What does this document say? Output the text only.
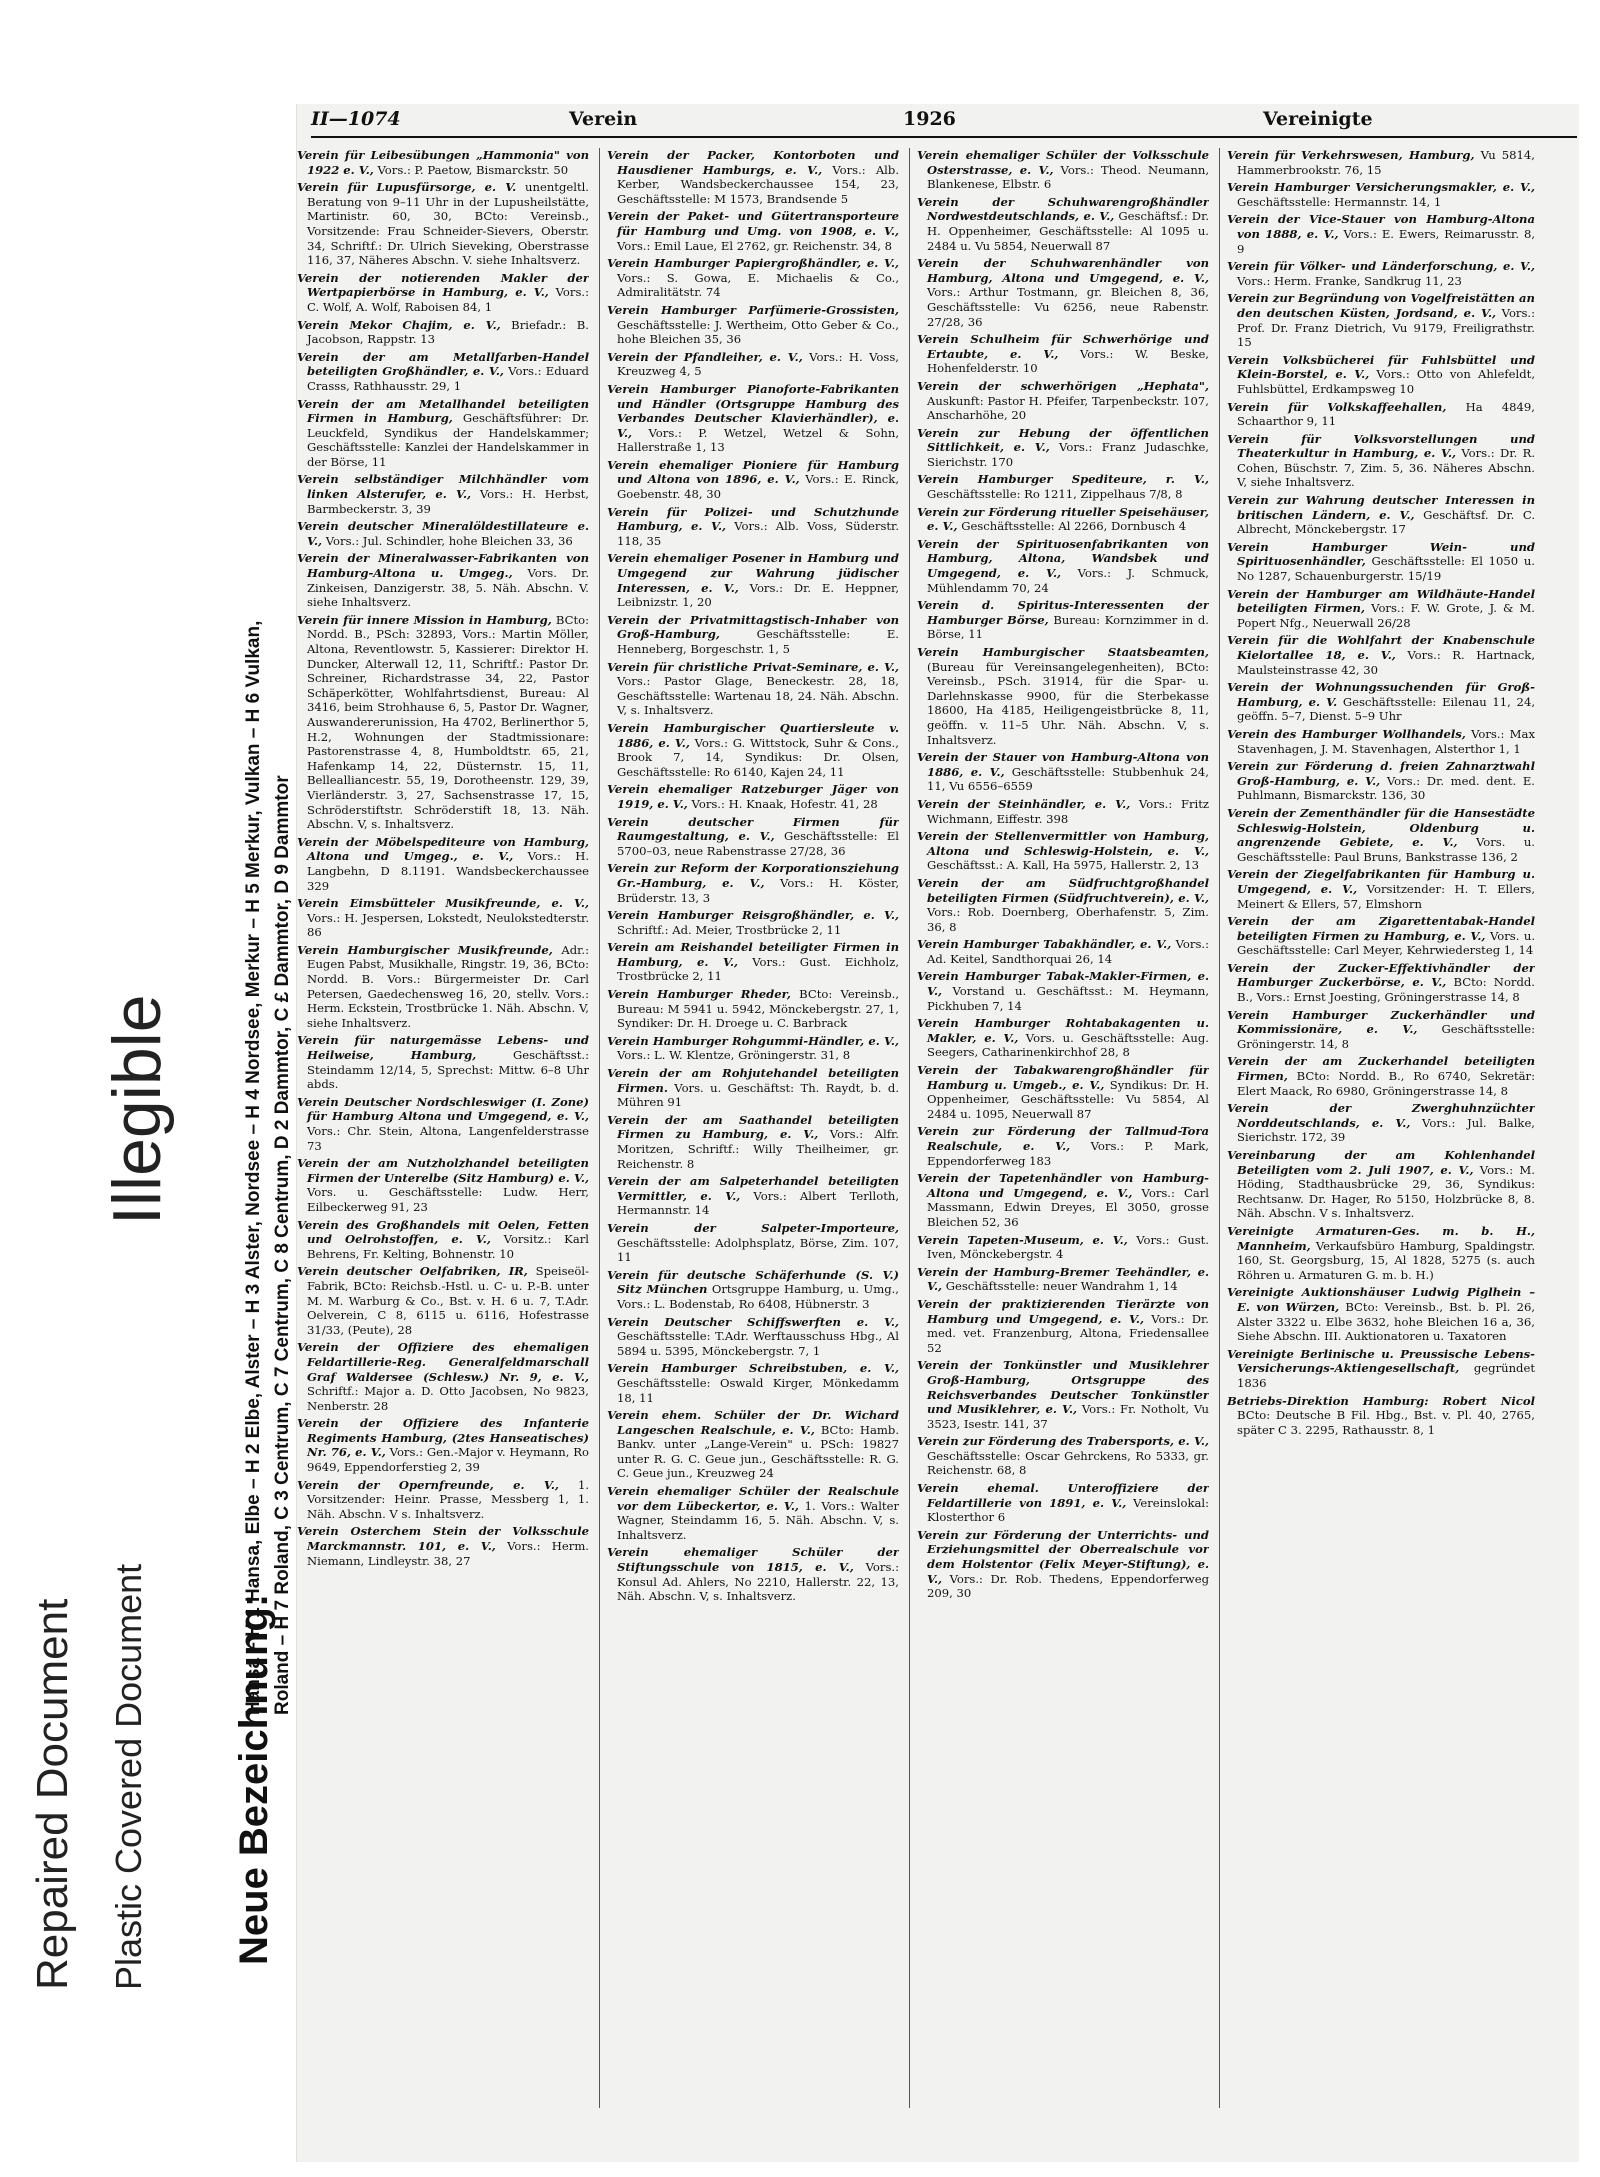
Repaired Document Plastic Covered Document
Illegible
Neue Bezeichnung:
Hansa – H 1 Hansa, Elbe – H 2 Elbe, Alster – H 3 Alster, Nordsee – H 4 Nordsee, Merkur – H 5 Merkur, Vulkan – H 6 Vulkan, Roland – H 7 Roland, C 3 Centrum, C 7 Centrum, C 8 Centrum, D 2 Dammtor, C £ Dammtor, D 9 Dammtor
II—1074	Verein	1926	Vereinigte

Verein für Leibesübungen „Hammonia" von 1922 e. V., Vors.: P. Paetow, Bismarckstr. 50

Verein für Lupusfürsorge, e. V. unentgeltl. Beratung von 9–11 Uhr in der Lupusheilstätte, Martinistr. 60, 30, BCto: Vereinsb., Vorsitzende: Frau Schneider-Sievers, Oberstr. 34, Schriftf.: Dr. Ulrich Sieveking, Oberstrasse 116, 37, Näheres Abschn. V. siehe Inhaltsverz.

Verein der notierenden Makler der Wertpapierbörse in Hamburg, e. V., Vors.: C. Wolf, A. Wolf, Raboisen 84, 1

Verein Mekor Chajim, e. V., Briefadr.: B. Jacobson, Rappstr. 13

Verein der am Metallfarben-Handel beteiligten Großhändler, e. V., Vors.: Eduard Crasss, Rathhausstr. 29, 1

Verein der am Metallhandel beteiligten Firmen in Hamburg, Geschäftsführer: Dr. Leuckfeld, Syndikus der Handelskammer; Geschäftsstelle: Kanzlei der Handelskammer in der Börse, 11

Verein selbständiger Milchhändler vom linken Alsterufer, e. V., Vors.: H. Herbst, Barmbeckerstr. 3, 39

Verein deutscher Mineralöldestillateure e. V., Vors.: Jul. Schindler, hohe Bleichen 33, 36

Verein der Mineralwasser-Fabrikanten von Hamburg-Altona u. Umgeg., Vors. Dr. Zinkeisen, Danzigerstr. 38, 5. Näh. Abschn. V. siehe Inhaltsverz.

Verein für innere Mission in Hamburg, BCto: Nordd. B., PSch: 32893, Vors.: Martin Möller, Altona, Reventlowstr. 5, Kassierer: Direktor H. Duncker, Alterwall 12, 11, Schriftf.: Pastor Dr. Schreiner, Richardstrasse 34, 22, Pastor Schäperkötter, Wohlfahrtsdienst, Bureau: Al 3416, beim Strohhause 6, 5, Pastor Dr. Wagner, Auswandererunission, Ha 4702, Berlinerthor 5, H.2, Wohnungen der Stadtmissionare: Pastorenstrasse 4, 8, Humboldtstr. 65, 21, Hafenkamp 14, 22, Düsternstr. 15, 11, Bellealliancestr. 55, 19, Dorotheenstr. 129, 39, Vierländerstr. 3, 27, Sachsenstrasse 17, 15, Schröderstiftstr. Schröderstift 18, 13. Näh. Abschn. V, s. Inhaltsverz.

Verein der Möbelspediteure von Hamburg, Altona und Umgeg., e. V., Vors.: H. Langbehn, D 8.1191. Wandsbeckerchaussee 329

Verein Eimsbütteler Musikfreunde, e. V., Vors.: H. Jespersen, Lokstedt, Neulokstedterstr. 86

Verein Hamburgischer Musikfreunde, Adr.: Eugen Pabst, Musikhalle, Ringstr. 19, 36, BCto: Nordd. B. Vors.: Bürgermeister Dr. Carl Petersen, Gaedechensweg 16, 20, stellv. Vors.: Herm. Eckstein, Trostbrücke 1. Näh. Abschn. V, siehe Inhaltsverz.

Verein für naturgemässe Lebens- und Heilweise, Hamburg,	Geschäftsst.: Steindamm 12/14, 5, Sprechst: Mittw. 6–8 Uhr abds.

Verein Deutscher Nordschleswiger (I. Zone) für Hamburg Altona und Umgegend, e. V., Vors.: Chr. Stein, Altona, Langenfelderstrasse 73

Verein der am Nutzholzhandel beteiligten Firmen der Unterelbe (Sitz Hamburg) e. V., Vors. u. Geschäftsstelle: Ludw. Herr, Eilbeckerweg 91, 23

Verein des Großhandels mit Oelen, Fetten und Oelrohstoffen, e. V., Vorsitz.: Karl Behrens, Fr. Kelting, Bohnenstr. 10

Verein deutscher Oelfabriken, IR, Speiseöl-Fabrik, BCto: Reichsb.-Hstl. u. C- u. P.-B. unter M. M. Warburg & Co., Bst. v. H. 6 u. 7, T.Adr. Oelverein, C 8, 6115 u. 6116, Hofestrasse 31/33, (Peute), 28

Verein der Offiziere des ehemaligen Feldartillerie-Reg. Generalfeldmarschall Graf Waldersee (Schlesw.) Nr. 9, e. V., Schriftf.: Major a. D. Otto Jacobsen, No 9823, Nenberstr. 28

Verein der Offiziere des Infanterie Regiments Hamburg, (2tes Hanseatisches) Nr. 76, e. V., Vors.: Gen.-Major v. Heymann, Ro 9649, Eppendorferstieg 2, 39

Verein der Opernfreunde, e. V., 1. Vorsitzender: Heinr. Prasse, Messberg 1, 1. Näh. Abschn. V s. Inhaltsverz.

Verein Osterchem Stein der Volksschule Marckmannstr. 101, e. V., Vors.: Herm. Niemann, Lindleystr. 38, 27

Verein der Packer, Kontorboten und Hausdiener Hamburgs, e. V., Vors.: Alb. Kerber, Wandsbeckerchaussee 154, 23, Geschäftsstelle: M 1573, Brandsende 5

Verein der Paket- und Gütertransporteure für Hamburg und Umg. von 1908, e. V., Vors.: Emil Laue, El 2762, gr. Reichenstr. 34, 8

Verein Hamburger Papiergroßhändler, e. V., Vors.: S. Gowa, E. Michaelis & Co., Admiralitätstr. 74

Verein Hamburger Parfümerie-Grossisten, Geschäftsstelle: J. Wertheim, Otto Geber & Co., hohe Bleichen 35, 36

Verein der Pfandleiher, e. V., Vors.: H. Voss, Kreuzweg 4, 5

Verein Hamburger Pianoforte-Fabrikanten und Händler (Ortsgruppe Hamburg des Verbandes Deutscher Klavierhändler), e. V., Vors.: P. Wetzel, Wetzel & Sohn, Hallerstraße 1, 13

Verein ehemaliger Pioniere für Hamburg und Altona von 1896, e. V., Vors.: E. Rinck, Goebenstr. 48, 30

Verein für Polizei- und Schutzhunde Hamburg, e. V., Vors.: Alb. Voss, Süderstr. 118, 35

Verein ehemaliger Posener in Hamburg und Umgegend zur Wahrung jüdischer Interessen, e. V., Vors.: Dr. E. Heppner, Leibnizstr. 1, 20

Verein der Privatmittagstisch-Inhaber von Groß-Hamburg,	Geschäftsstelle: E. Henneberg, Borgeschstr. 1, 5

Verein für christliche Privat-Seminare, e. V., Vors.: Pastor Glage, Beneckestr. 28, 18, Geschäftsstelle: Wartenau 18, 24. Näh. Abschn. V, s. Inhaltsverz.

Verein Hamburgischer Quartiersleute v. 1886, e. V., Vors.: G. Wittstock, Suhr & Cons., Brook 7, 14, Syndikus: Dr. Olsen, Geschäftsstelle: Ro 6140, Kajen 24, 11

Verein ehemaliger Ratzeburger Jäger von 1919, e. V., Vors.: H. Knaak, Hofestr. 41, 28

Verein deutscher Firmen für Raumgestaltung, e. V., Geschäftsstelle: El 5700–03, neue Rabenstrasse 27/28, 36

Verein zur Reform der Korporationsziehung Gr.-Hamburg, e. V., Vors.: H. Köster, Brüderstr. 13, 3

Verein Hamburger Reisgroßhändler, e. V., Schriftf.: Ad. Meier, Trostbrücke 2, 11

Verein am Reishandel beteiligter Firmen in Hamburg, e. V., Vors.: Gust. Eichholz, Trostbrücke 2, 11

Verein Hamburger Rheder, BCto: Vereinsb., Bureau: M 5941 u. 5942, Mönckebergstr. 27, 1, Syndiker: Dr. H. Droege u. C. Barbrack

Verein Hamburger Rohgummi-Händler, e. V., Vors.: L. W. Klentze, Gröningerstr. 31, 8

Verein der am Rohjutehandel beteiligten Firmen. Vors. u. Geschäftst: Th. Raydt, b. d. Mühren 91

Verein der am Saathandel beteiligten Firmen zu Hamburg, e. V., Vors.: Alfr. Moritzen, Schriftf.: Willy Theilheimer, gr. Reichenstr. 8

Verein der am Salpeterhandel beteiligten Vermittler, e. V., Vors.: Albert Terlloth, Hermannstr. 14

Verein der Salpeter-Importeure, Geschäftsstelle: Adolphsplatz, Börse, Zim. 107, 11

Verein für deutsche Schäferhunde (S. V.) Sitz München Ortsgruppe Hamburg, u. Umg., Vors.: L. Bodenstab, Ro 6408, Hübnerstr. 3

Verein Deutscher Schiffswerften e. V., Geschäftsstelle: T.Adr. Werftausschuss Hbg., Al 5894 u. 5395, Mönckebergstr. 7, 1

Verein Hamburger Schreibstuben, e. V., Geschäftsstelle: Oswald Kirger, Mönkedamm 18, 11

Verein ehem. Schüler der Dr. Wichard Langeschen Realschule, e. V., BCto: Hamb. Bankv. unter „Lange-Verein" u. PSch: 19827 unter R. G. C. Geue jun., Geschäftsstelle: R. G. C. Geue jun., Kreuzweg 24

Verein ehemaliger Schüler der Realschule vor dem Lübeckertor, e. V., 1. Vors.: Walter Wagner, Steindamm 16, 5. Näh. Abschn. V, s. Inhaltsverz.

Verein ehemaliger Schüler der Stiftungsschule von 1815, e. V., Vors.: Konsul Ad. Ahlers, No 2210, Hallerstr. 22, 13, Näh. Abschn. V, s. Inhaltsverz.

Verein ehemaliger Schüler der Volksschule Osterstrasse, e. V., Vors.: Theod. Neumann, Blankenese, Elbstr. 6

Verein der Schuhwarengroßhändler Nordwestdeutschlands, e. V., Geschäftsf.: Dr. H. Oppenheimer, Geschäftsstelle: Al 1095 u. 2484 u. Vu 5854, Neuerwall 87

Verein der Schuhwarenhändler von Hamburg, Altona und Umgegend, e. V., Vors.: Arthur Tostmann, gr. Bleichen 8, 36, Geschäftsstelle: Vu 6256, neue Rabenstr. 27/28, 36

Verein Schulheim für Schwerhörige und Ertaubte, e. V., Vors.: W. Beske, Hohenfelderstr. 10

Verein der schwerhörigen „Hephata", Auskunft: Pastor H. Pfeifer, Tarpenbeckstr. 107, Anscharhöhe, 20

Verein zur Hebung der öffentlichen Sittlichkeit, e. V., Vors.: Franz Judaschke, Sierichstr. 170

Verein Hamburger Spediteure, r. V., Geschäftsstelle: Ro 1211, Zippelhaus 7/8, 8

Verein zur Förderung ritueller Speisehäuser, e. V., Geschäftsstelle: Al 2266, Dornbusch 4

Verein der Spirituosenfabrikanten von Hamburg, Altona, Wandsbek und Umgegend, e. V., Vors.: J. Schmuck, Mühlendamm 70, 24

Verein d. Spiritus-Interessenten der Hamburger Börse, Bureau: Kornzimmer in d. Börse, 11

Verein Hamburgischer Staatsbeamten, (Bureau für Vereinsangelegenheiten), BCto: Vereinsb., PSch. 31914, für die Spar- u. Darlehnskasse 9900, für die Sterbekasse 18600, Ha 4185, Heiligengeistbrücke 8, 11, geöffn. v. 11–5 Uhr. Näh. Abschn. V, s. Inhaltsverz.

Verein der Stauer von Hamburg-Altona von 1886, e. V., Geschäftsstelle: Stubbenhuk 24, 11, Vu 6556–6559

Verein der Steinhändler, e. V., Vors.: Fritz Wichmann, Eiffestr. 398

Verein der Stellenvermittler von Hamburg, Altona und Schleswig-Holstein, e. V., Geschäftsst.: A. Kall, Ha 5975, Hallerstr. 2, 13

Verein der am Südfruchtgroßhandel beteiligten Firmen (Südfruchtverein), e. V., Vors.: Rob. Doernberg, Oberhafenstr. 5, Zim. 36, 8

Verein Hamburger Tabakhändler, e. V., Vors.: Ad. Keitel, Sandthorquai 26, 14

Verein Hamburger Tabak-Makler-Firmen, e. V., Vorstand u. Geschäftsst.: M. Heymann, Pickhuben 7, 14

Verein Hamburger Rohtabakagenten u. Makler, e. V., Vors. u. Geschäftsstelle: Aug. Seegers, Catharinenkirchhof 28, 8

Verein der Tabakwarengroßhändler für Hamburg u. Umgeb., e. V., Syndikus: Dr. H. Oppenheimer, Geschäftsstelle: Vu 5854, Al 2484 u. 1095, Neuerwall 87

Verein zur Förderung der Tallmud-Tora Realschule, e. V., Vors.: P. Mark, Eppendorferweg 183

Verein der Tapetenhändler von Hamburg-Altona und Umgegend, e. V., Vors.: Carl Massmann, Edwin Dreyes, El 3050, grosse Bleichen 52, 36

Verein Tapeten-Museum, e. V., Vors.: Gust. Iven, Mönckebergstr. 4

Verein der Hamburg-Bremer Teehändler, e. V., Geschäftsstelle: neuer Wandrahm 1, 14

Verein der praktizierenden Tierärzte von Hamburg und Umgegend, e. V., Vors.: Dr. med. vet. Franzenburg, Altona, Friedensallee 52

Verein der Tonkünstler und Musiklehrer Groß-Hamburg, Ortsgruppe des Reichsverbandes Deutscher Tonkünstler und Musiklehrer, e. V., Vors.: Fr. Notholt, Vu 3523, Isestr. 141, 37

Verein zur Förderung des Trabersports, e. V., Geschäftsstelle: Oscar Gehrckens, Ro 5333, gr. Reichenstr. 68, 8

Verein ehemal. Unteroffiziere der Feldartillerie von 1891, e. V., Vereinslokal: Klosterthor 6

Verein zur Förderung der Unterrichts- und Erziehungsmittel der Oberrealschule vor dem Holstentor (Felix Meyer-Stiftung), e. V., Vors.: Dr. Rob. Thedens, Eppendorferweg 209, 30

Verein für Verkehrswesen, Hamburg, Vu 5814, Hammerbrookstr. 76, 15

Verein Hamburger Versicherungsmakler, e. V., Geschäftsstelle: Hermannstr. 14, 1

Verein der Vice-Stauer von Hamburg-Altona von 1888, e. V., Vors.: E. Ewers, Reimarusstr. 8, 9

Verein für Völker- und Länderforschung, e. V., Vors.: Herm. Franke, Sandkrug 11, 23

Verein zur Begründung von Vogelfreistätten an den deutschen Küsten, Jordsand, e. V., Vors.: Prof. Dr. Franz Dietrich, Vu 9179, Freiligrathstr. 15

Verein Volksbücherei für Fuhlsbüttel und Klein-Borstel, e. V., Vors.: Otto von Ahlefeldt, Fuhlsbüttel, Erdkampsweg 10

Verein für Volkskaffeehallen, Ha 4849, Schaarthor 9, 11

Verein für Volksvorstellungen und Theaterkultur in Hamburg, e. V., Vors.: Dr. R. Cohen, Büschstr. 7, Zim. 5, 36. Näheres Abschn. V, siehe Inhaltsverz.

Verein zur Wahrung deutscher Interessen in britischen Ländern, e. V., Geschäftsf. Dr. C. Albrecht, Mönckebergstr. 17

Verein Hamburger Wein- und Spirituosenhändler, Geschäftsstelle: El 1050 u. No 1287, Schauenburgerstr. 15/19

Verein der Hamburger am Wildhäute-Handel beteiligten Firmen, Vors.: F. W. Grote, J. & M. Popert Nfg., Neuerwall 26/28

Verein für die Wohlfahrt der Knabenschule Kielortallee 18, e. V., Vors.: R. Hartnack, Maulsteinstrasse 42, 30

Verein der Wohnungssuchenden für Groß-Hamburg, e. V. Geschäftsstelle: Eilenau 11, 24, geöffn. 5–7, Dienst. 5–9 Uhr

Verein des Hamburger Wollhandels, Vors.: Max Stavenhagen, J. M. Stavenhagen, Alsterthor 1, 1

Verein zur Förderung d. freien Zahnarztwahl Groß-Hamburg, e. V., Vors.: Dr. med. dent. E. Puhlmann, Bismarckstr. 136, 30

Verein der Zementhändler für die Hansestädte Schleswig-Holstein, Oldenburg u. angrenzende Gebiete, e. V., Vors. u. Geschäftsstelle: Paul Bruns, Bankstrasse 136, 2

Verein der Ziegelfabrikanten für Hamburg u. Umgegend, e. V., Vorsitzender: H. T. Ellers, Meinert & Ellers, 57, Elmshorn

Verein der am Zigarettentabak-Handel beteiligten Firmen zu Hamburg, e. V., Vors. u. Geschäftsstelle: Carl Meyer, Kehrwiedersteg 1, 14

Verein der Zucker-Effektivhändler der Hamburger Zuckerbörse, e. V., BCto: Nordd. B., Vors.: Ernst Joesting, Gröningerstrasse 14, 8

Verein Hamburger Zuckerhändler und Kommissionäre, e. V., Geschäftsstelle: Gröningerstr. 14, 8

Verein der am Zuckerhandel beteiligten Firmen, BCto: Nordd. B., Ro 6740, Sekretär: Elert Maack, Ro 6980, Gröningerstrasse 14, 8

Verein der Zwerghuhnzüchter Norddeutschlands, e. V., Vors.: Jul. Balke, Sierichstr. 172, 39

Vereinbarung der am Kohlenhandel Beteiligten vom 2. Juli 1907, e. V., Vors.: M. Höding, Stadthausbrücke 29, 36, Syndikus: Rechtsanw. Dr. Hager, Ro 5150, Holzbrücke 8, 8. Näh. Abschn. V s. Inhaltsverz.

Vereinigte Armaturen-Ges. m. b. H., Mannheim, Verkaufsbüro Hamburg, Spaldingstr. 160, St. Georgsburg, 15, Al 1828, 5275 (s. auch Röhren u. Armaturen G. m. b. H.)

Vereinigte Auktionshäuser Ludwig Piglhein – E. von Würzen, BCto: Vereinsb., Bst. b. Pl. 26, Alster 3322 u. Elbe 3632, hohe Bleichen 16 a, 36, Siehe Abschn. III. Auktionatoren u. Taxatoren

Vereinigte Berlinische u. Preussische Lebens-Versicherungs-Aktiengesellschaft, gegründet 1836

Betriebs-Direktion Hamburg: Robert Nicol BCto: Deutsche B Fil. Hbg., Bst. v. Pl. 40, 2765, später C 3. 2295, Rathausstr. 8, 1
